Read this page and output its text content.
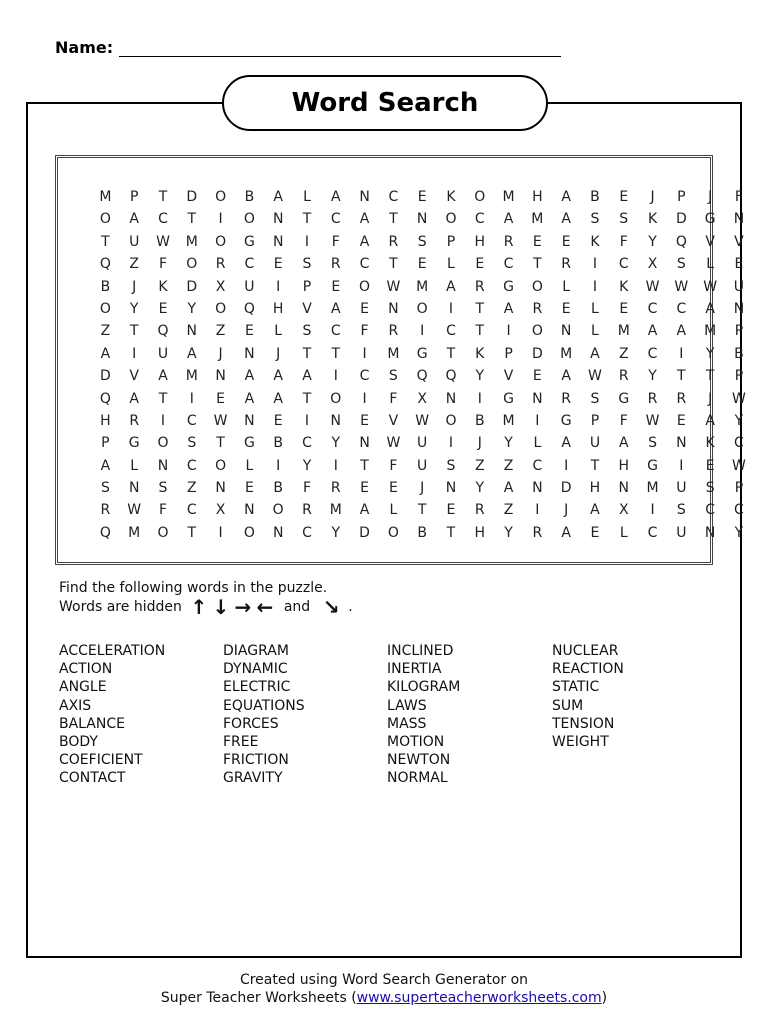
Name:
Word Search
M	P	T	D	O	B	A	L	A	N	C	E	K	O	M	H	A	B	E	J	P	J	F
O	A	C	T	I	O	N	T	C	A	T	N	O	C	A	M	A	S	S	K	D	G	N
T	U	W	M	O	G	N	I	F	A	R	S	P	H	R	E	E	K	F	Y	Q	V	V
Q	Z	F	O	R	C	E	S	R	C	T	E	L	E	C	T	R	I	C	X	S	L	E
B	J	K	D	X	U	I	P	E	O	W	M	A	R	G	O	L	I	K	W	W	W	U
O	Y	E	Y	O	Q	H	V	A	E	N	O	I	T	A	R	E	L	E	C	C	A	N
Z	T	Q	N	Z	E	L	S	C	F	R	I	C	T	I	O	N	L	M	A	A	M	P
A	I	U	A	J	N	J	T	T	I	M	G	T	K	P	D	M	A	Z	C	I	Y	B
D	V	A	M	N	A	A	A	I	C	S	Q	Q	Y	V	E	A	W	R	Y	T	T	P
Q	A	T	I	E	A	A	T	O	I	F	X	N	I	G	N	R	S	G	R	R	J	W
H	R	I	C	W	N	E	I	N	E	V	W	O	B	M	I	G	P	F	W	E	A	Y
P	G	O	S	T	G	B	C	Y	N	W	U	I	J	Y	L	A	U	A	S	N	K	C
A	L	N	C	O	L	I	Y	I	T	F	U	S	Z	Z	C	I	T	H	G	I	E	W
S	N	S	Z	N	E	B	F	R	E	E	J	N	Y	A	N	D	H	N	M	U	S	P
R	W	F	C	X	N	O	R	M	A	L	T	E	R	Z	I	J	A	X	I	S	C	C
Q	M	O	T	I	O	N	C	Y	D	O	B	T	H	Y	R	A	E	L	C	U	N	Y
Find the following words in the puzzle.
Words are hidden ↑ ↓ → ← and ↘ .
ACCELERATION
ACTION
ANGLE
AXIS
BALANCE
BODY
COEFICIENT
CONTACT
DIAGRAM
DYNAMIC
ELECTRIC
EQUATIONS
FORCES
FREE
FRICTION
GRAVITY
INCLINED
INERTIA
KILOGRAM
LAWS
MASS
MOTION
NEWTON
NORMAL
NUCLEAR
REACTION
STATIC
SUM
TENSION
WEIGHT
Created using Word Search Generator on
Super Teacher Worksheets (www.superteacherworksheets.com)
